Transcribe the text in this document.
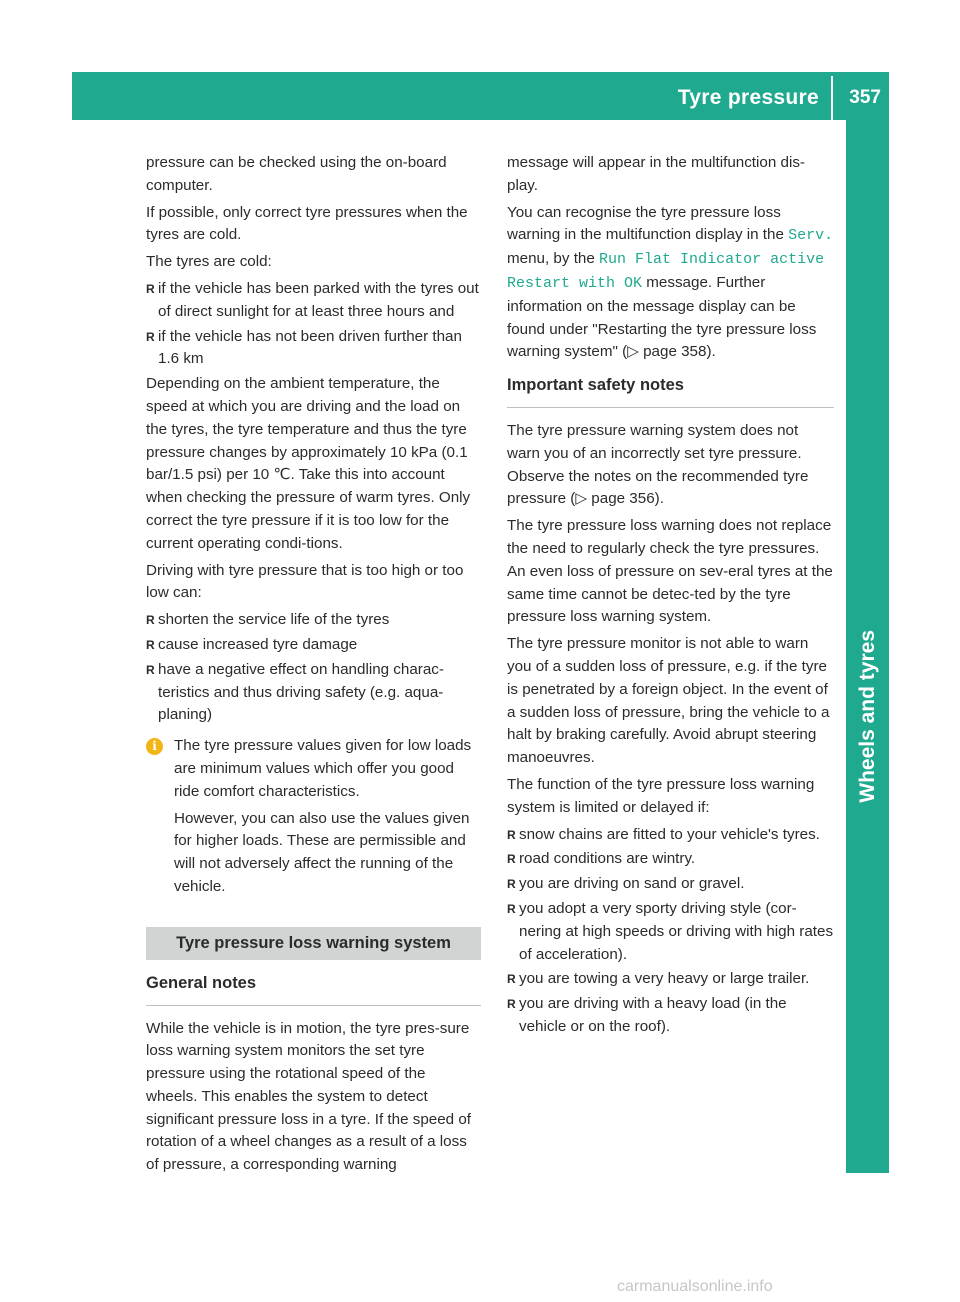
Tyre pressure 357
Wheels and tyres

pressure can be checked using the on-board computer.

If possible, only correct tyre pressures when the tyres are cold.

The tyres are cold:

R if the vehicle has been parked with the tyres out of direct sunlight for at least three hours and
R if the vehicle has not been driven further than 1.6 km

Depending on the ambient temperature, the speed at which you are driving and the load on the tyres, the tyre temperature and thus the tyre pressure changes by approximately 10 kPa (0.1 bar/1.5 psi) per 10 ℃. Take this into account when checking the pressure of warm tyres. Only correct the tyre pressure if it is too low for the current operating condi-tions.

Driving with tyre pressure that is too high or too low can:

R shorten the service life of the tyres
R cause increased tyre damage
R have a negative effect on handling charac-teristics and thus driving safety (e.g. aqua-planing)
i	The tyre pressure values given for low loads are minimum values which offer you good ride comfort characteristics.

However, you can also use the values given for higher loads. These are permissible and will not adversely affect the running of the vehicle.

Tyre pressure loss warning system
General notes

While the vehicle is in motion, the tyre pres-sure loss warning system monitors the set tyre pressure using the rotational speed of the wheels. This enables the system to detect significant pressure loss in a tyre. If the speed of rotation of a wheel changes as a result of a loss of pressure, a corresponding warning

message will appear in the multifunction dis-play.

You can recognise the tyre pressure loss warning in the multifunction display in the Serv. menu, by the Run Flat Indicator active Restart with OK message. Further information on the message display can be found under "Restarting the tyre pressure loss warning system" (▷ page 358).

Important safety notes

The tyre pressure warning system does not warn you of an incorrectly set tyre pressure. Observe the notes on the recommended tyre pressure (▷ page 356).

The tyre pressure loss warning does not replace the need to regularly check the tyre pressures. An even loss of pressure on sev-eral tyres at the same time cannot be detec-ted by the tyre pressure loss warning system.

The tyre pressure monitor is not able to warn you of a sudden loss of pressure, e.g. if the tyre is penetrated by a foreign object. In the event of a sudden loss of pressure, bring the vehicle to a halt by braking carefully. Avoid abrupt steering manoeuvres.

The function of the tyre pressure loss warning system is limited or delayed if:

R snow chains are fitted to your vehicle's tyres.
R road conditions are wintry.
R you are driving on sand or gravel.
R you adopt a very sporty driving style (cor-nering at high speeds or driving with high rates of acceleration).
R you are towing a very heavy or large trailer.
R you are driving with a heavy load (in the vehicle or on the roof).
carmanualsonline.info
